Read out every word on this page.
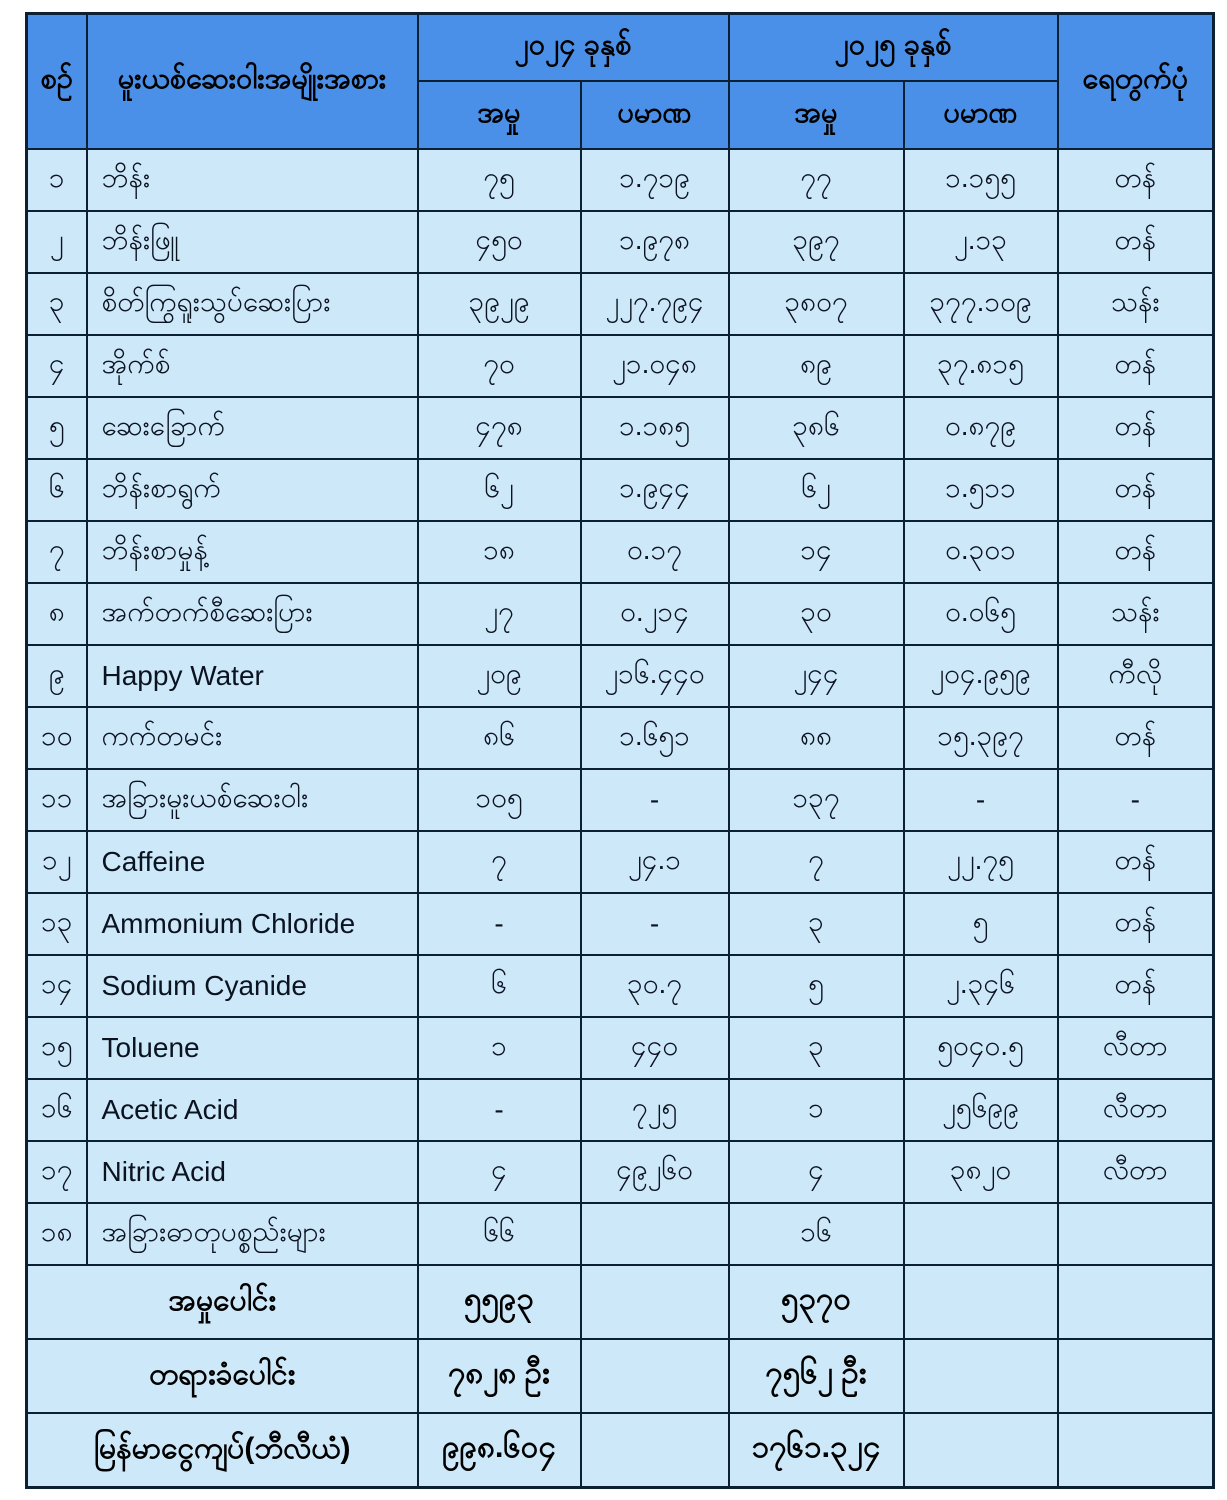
စဉ်	မူးယစ်ဆေးဝါးအမျိုးအစား	၂၀၂၄ ခုနှစ်		၂၀၂၅ ခုနှစ်		ရေတွက်ပုံ
		အမှု	ပမာဏ	အမှု	ပမာဏ	
၁	ဘိန်း	၇၅	၁.၇၁၉	၇၇	၁.၁၅၅	တန်
၂	ဘိန်းဖြူ	၄၅၀	၁.၉၇၈	၃၉၇	၂.၁၃	တန်
၃	စိတ်ကြွရူးသွပ်ဆေးပြား	၃၉၂၉	၂၂၇.၇၉၄	၃၈၀၇	၃၇၇.၁၀၉	သန်း
၄	အိုက်စ်	၇၀	၂၁.၀၄၈	၈၉	၃၇.၈၁၅	တန်
၅	ဆေးခြောက်	၄၇၈	၁.၁၈၅	၃၈၆	၀.၈၇၉	တန်
၆	ဘိန်းစာရွက်	၆၂	၁.၉၄၄	၆၂	၁.၅၁၁	တန်
၇	ဘိန်းစာမှုန့်	၁၈	၀.၁၇	၁၄	၀.၃၀၁	တန်
၈	အက်တက်စီဆေးပြား	၂၇	၀.၂၁၄	၃၀	၀.၀၆၅	သန်း
၉	Happy Water	၂၀၉	၂၁၆.၄၄၀	၂၄၄	၂၀၄.၉၅၉	ကီလို
၁၀	ကက်တမင်း	၈၆	၁.၆၅၁	၈၈	၁၅.၃၉၇	တန်
၁၁	အခြားမူးယစ်ဆေးဝါး	၁၀၅	-	၁၃၇	-	-
၁၂	Caffeine	၇	၂၄.၁	၇	၂၂.၇၅	တန်
၁၃	Ammonium Chloride	-	-	၃	၅	တန်
၁၄	Sodium Cyanide	၆	၃၀.၇	၅	၂.၃၄၆	တန်
၁၅	Toluene	၁	၄၄၀	၃	၅၀၄၀.၅	လီတာ
၁၆	Acetic Acid	-	၇၂၅	၁	၂၅၆၉၉	လီတာ
၁၇	Nitric Acid	၄	၄၉၂၆၀	၄	၃၈၂၀	လီတာ
၁၈	အခြားဓာတုပစ္စည်းများ	၆၆		၁၆		
အမှုပေါင်း		၅၅၉၃		၅၃၇၀		
တရားခံပေါင်း		၇၈၂၈ ဦး		၇၅၆၂ ဦး		
မြန်မာငွေကျပ်(ဘီလီယံ)		၉၉၈.၆၀၄		၁၇၆၁.၃၂၄		
